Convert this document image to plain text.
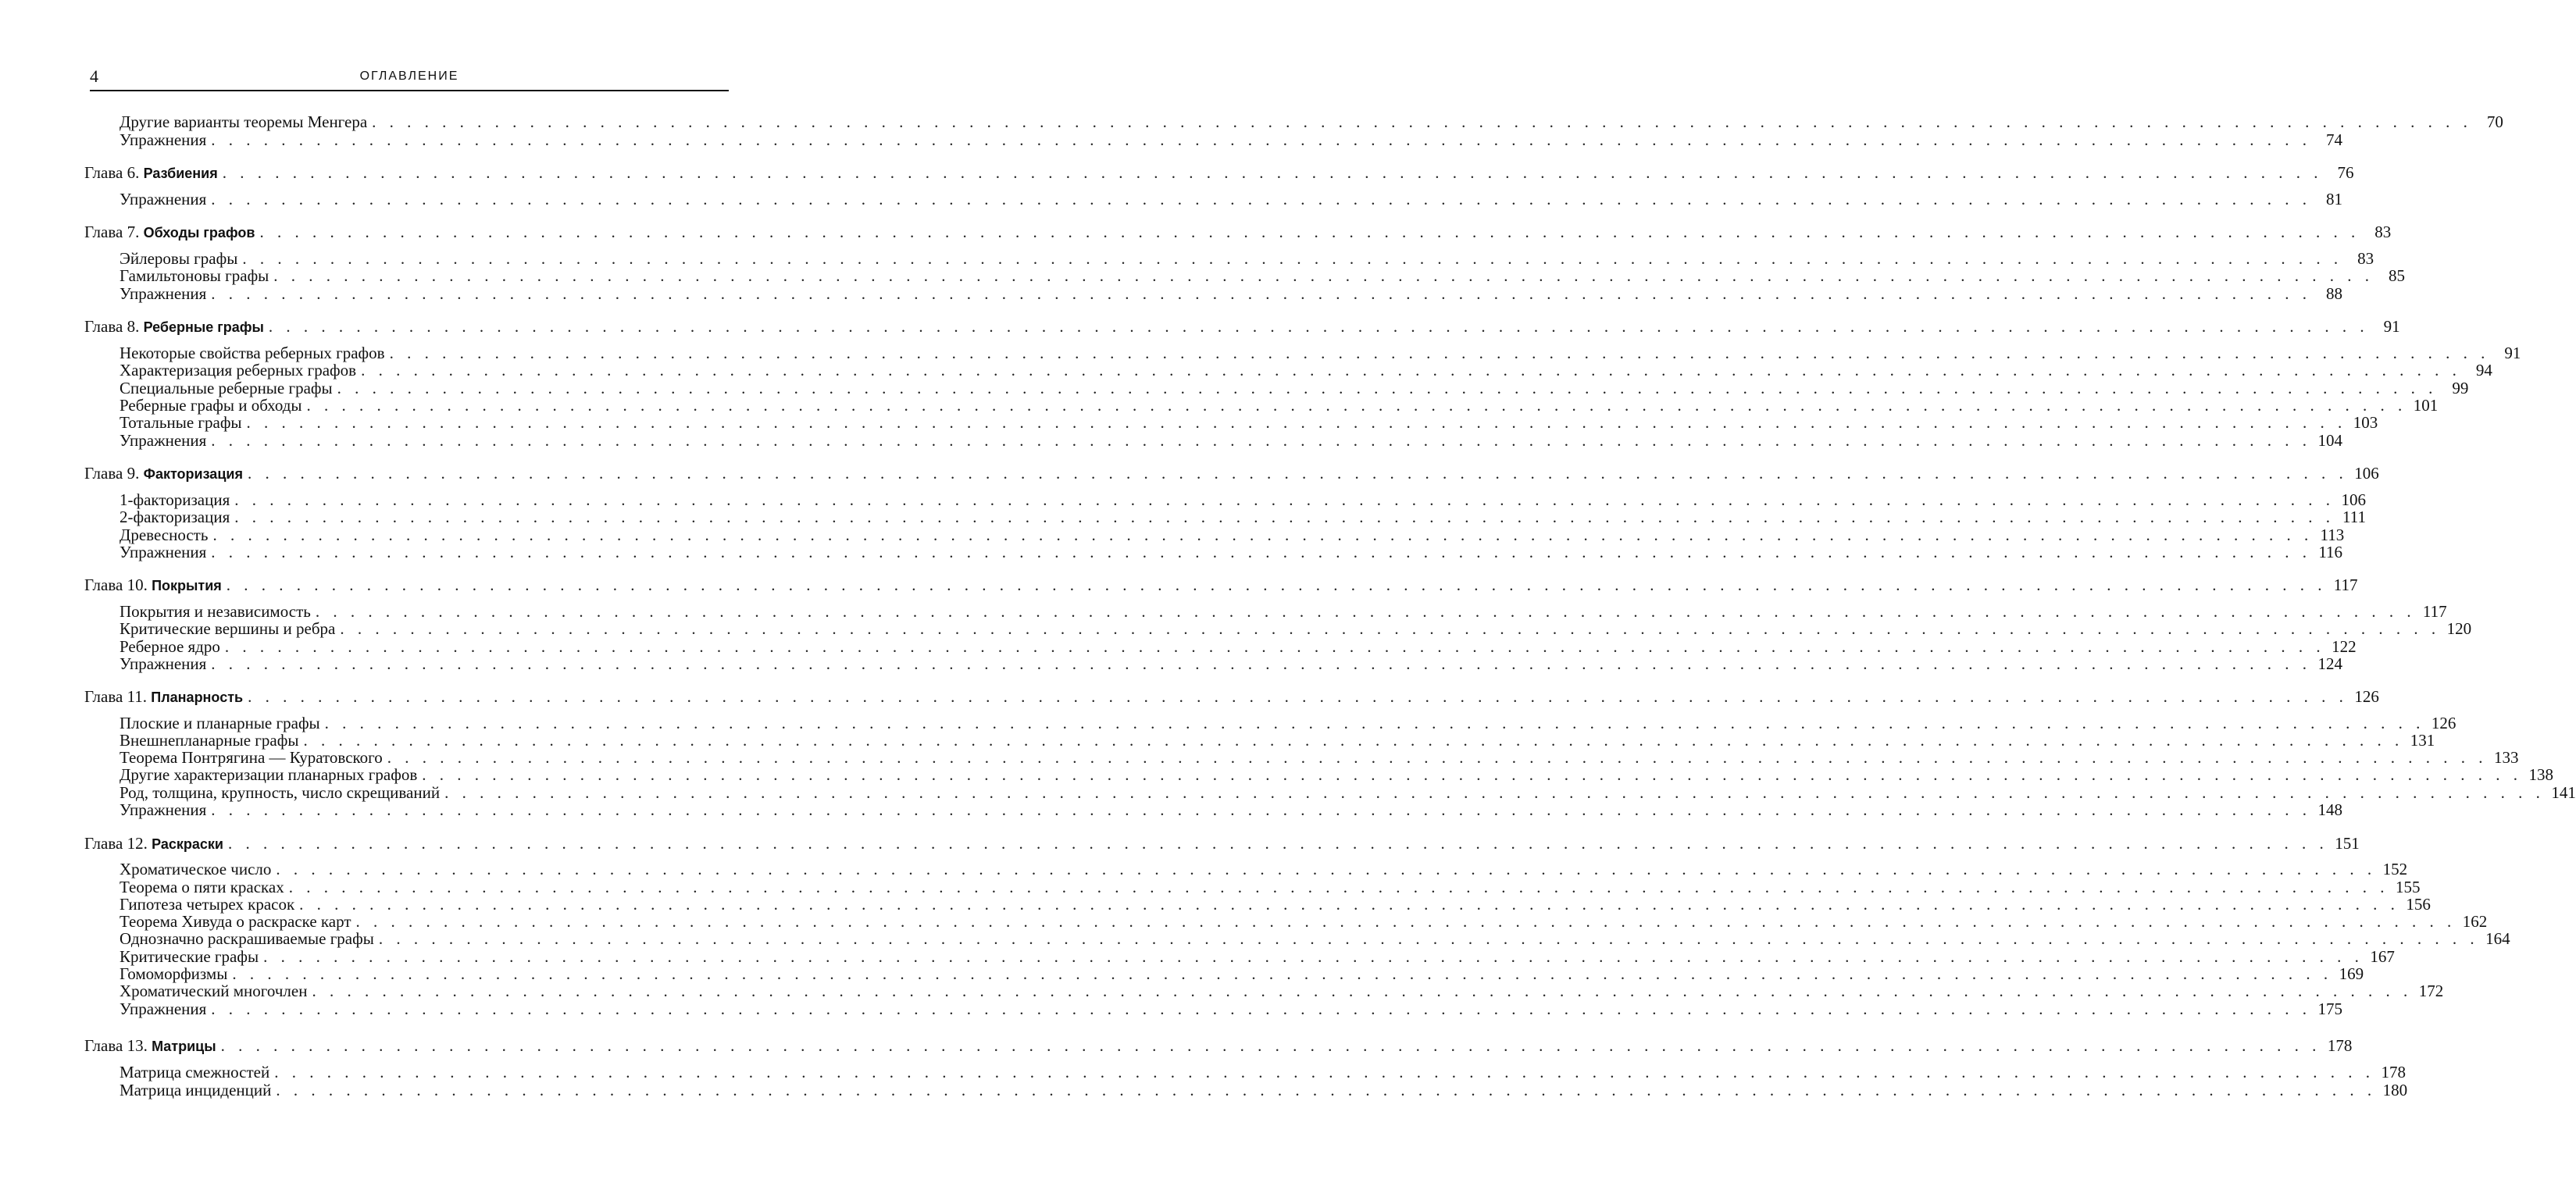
4	ОГЛАВЛЕНИЕ
Другие варианты теоремы Менгера . . . . . . . . . . . . . . . . . . . . . . . . . . . . . . . . . . . . . . . . . . . . . . . . . . . . . . . . . . . . . . . . . . . . . . . . . . . . . . . . . . . . . . . . . . . . . . . . . . . . . . . . . . . . . . . . . . . . . . . . 70
Упражнения . . . . . . . . . . . . . . . . . . . . . . . . . . . . . . . . . . . . . . . . . . . . . . . . . . . . . . . . . . . . . . . . . . . . . . . . . . . . . . . . . . . . . . . . . . . . . . . . . . . . . . . . . . . . . . . . . . . . . . . . 74
Глава 6. Разбиения . . . . . . . . . . . . . . . . . . . . . . . . . . . . . . . . . . . . . . . . . . . . . . . . . . . . . . . . . . . . . . . . . . . . . . . . . . . . . . . . . . . . . . . . . . . . . . . . . . . . . . . . . . . . . . . . . . . . . . . . 76
Упражнения . . . . . . . . . . . . . . . . . . . . . . . . . . . . . . . . . . . . . . . . . . . . . . . . . . . . . . . . . . . . . . . . . . . . . . . . . . . . . . . . . . . . . . . . . . . . . . . . . . . . . . . . . . . . . . . . . . . . . . . . 81
Глава 7. Обходы графов . . . . . . . . . . . . . . . . . . . . . . . . . . . . . . . . . . . . . . . . . . . . . . . . . . . . . . . . . . . . . . . . . . . . . . . . . . . . . . . . . . . . . . . . . . . . . . . . . . . . . . . . . . . . . . . . . . . . . . . . 83
Эйлеровы графы . . . . . . . . . . . . . . . . . . . . . . . . . . . . . . . . . . . . . . . . . . . . . . . . . . . . . . . . . . . . . . . . . . . . . . . . . . . . . . . . . . . . . . . . . . . . . . . . . . . . . . . . . . . . . . . . . . . . . . . . 83
Гамильтоновы графы . . . . . . . . . . . . . . . . . . . . . . . . . . . . . . . . . . . . . . . . . . . . . . . . . . . . . . . . . . . . . . . . . . . . . . . . . . . . . . . . . . . . . . . . . . . . . . . . . . . . . . . . . . . . . . . . . . . . . . . . 85
Упражнения . . . . . . . . . . . . . . . . . . . . . . . . . . . . . . . . . . . . . . . . . . . . . . . . . . . . . . . . . . . . . . . . . . . . . . . . . . . . . . . . . . . . . . . . . . . . . . . . . . . . . . . . . . . . . . . . . . . . . . . . 88
Глава 8. Реберные графы . . . . . . . . . . . . . . . . . . . . . . . . . . . . . . . . . . . . . . . . . . . . . . . . . . . . . . . . . . . . . . . . . . . . . . . . . . . . . . . . . . . . . . . . . . . . . . . . . . . . . . . . . . . . . . . . . . . . . . . . 91
Некоторые свойства реберных графов . . . . . . . . . . . . . . . . . . . . . . . . . . . . . . . . . . . . . . . . . . . . . . . . . . . . . . . . . . . . . . . . . . . . . . . . . . . . . . . . . . . . . . . . . . . . . . . . . . . . . . . . . . . . . . . . . . . . . . . . 91
Характеризация реберных графов . . . . . . . . . . . . . . . . . . . . . . . . . . . . . . . . . . . . . . . . . . . . . . . . . . . . . . . . . . . . . . . . . . . . . . . . . . . . . . . . . . . . . . . . . . . . . . . . . . . . . . . . . . . . . . . . . . . . . . . . 94
Специальные реберные графы . . . . . . . . . . . . . . . . . . . . . . . . . . . . . . . . . . . . . . . . . . . . . . . . . . . . . . . . . . . . . . . . . . . . . . . . . . . . . . . . . . . . . . . . . . . . . . . . . . . . . . . . . . . . . . . . . . . . . . . . 99
Реберные графы и обходы . . . . . . . . . . . . . . . . . . . . . . . . . . . . . . . . . . . . . . . . . . . . . . . . . . . . . . . . . . . . . . . . . . . . . . . . . . . . . . . . . . . . . . . . . . . . . . . . . . . . . . . . . . . . . . . . . . . . . . . . 101
Тотальные графы . . . . . . . . . . . . . . . . . . . . . . . . . . . . . . . . . . . . . . . . . . . . . . . . . . . . . . . . . . . . . . . . . . . . . . . . . . . . . . . . . . . . . . . . . . . . . . . . . . . . . . . . . . . . . . . . . . . . . . . . 103
Упражнения . . . . . . . . . . . . . . . . . . . . . . . . . . . . . . . . . . . . . . . . . . . . . . . . . . . . . . . . . . . . . . . . . . . . . . . . . . . . . . . . . . . . . . . . . . . . . . . . . . . . . . . . . . . . . . . . . . . . . . . . 104
Глава 9. Факторизация . . . . . . . . . . . . . . . . . . . . . . . . . . . . . . . . . . . . . . . . . . . . . . . . . . . . . . . . . . . . . . . . . . . . . . . . . . . . . . . . . . . . . . . . . . . . . . . . . . . . . . . . . . . . . . . . . . . . . . . . 106
1-факторизация . . . . . . . . . . . . . . . . . . . . . . . . . . . . . . . . . . . . . . . . . . . . . . . . . . . . . . . . . . . . . . . . . . . . . . . . . . . . . . . . . . . . . . . . . . . . . . . . . . . . . . . . . . . . . . . . . . . . . . . . 106
2-факторизация . . . . . . . . . . . . . . . . . . . . . . . . . . . . . . . . . . . . . . . . . . . . . . . . . . . . . . . . . . . . . . . . . . . . . . . . . . . . . . . . . . . . . . . . . . . . . . . . . . . . . . . . . . . . . . . . . . . . . . . . 111
Древесность . . . . . . . . . . . . . . . . . . . . . . . . . . . . . . . . . . . . . . . . . . . . . . . . . . . . . . . . . . . . . . . . . . . . . . . . . . . . . . . . . . . . . . . . . . . . . . . . . . . . . . . . . . . . . . . . . . . . . . . . 113
Упражнения . . . . . . . . . . . . . . . . . . . . . . . . . . . . . . . . . . . . . . . . . . . . . . . . . . . . . . . . . . . . . . . . . . . . . . . . . . . . . . . . . . . . . . . . . . . . . . . . . . . . . . . . . . . . . . . . . . . . . . . . 116
Глава 10. Покрытия . . . . . . . . . . . . . . . . . . . . . . . . . . . . . . . . . . . . . . . . . . . . . . . . . . . . . . . . . . . . . . . . . . . . . . . . . . . . . . . . . . . . . . . . . . . . . . . . . . . . . . . . . . . . . . . . . . . . . . . . 117
Покрытия и независимость . . . . . . . . . . . . . . . . . . . . . . . . . . . . . . . . . . . . . . . . . . . . . . . . . . . . . . . . . . . . . . . . . . . . . . . . . . . . . . . . . . . . . . . . . . . . . . . . . . . . . . . . . . . . . . . . . . . . . . . . 117
Критические вершины и ребра . . . . . . . . . . . . . . . . . . . . . . . . . . . . . . . . . . . . . . . . . . . . . . . . . . . . . . . . . . . . . . . . . . . . . . . . . . . . . . . . . . . . . . . . . . . . . . . . . . . . . . . . . . . . . . . . . . . . . . . . 120
Реберное ядро . . . . . . . . . . . . . . . . . . . . . . . . . . . . . . . . . . . . . . . . . . . . . . . . . . . . . . . . . . . . . . . . . . . . . . . . . . . . . . . . . . . . . . . . . . . . . . . . . . . . . . . . . . . . . . . . . . . . . . . . 122
Упражнения . . . . . . . . . . . . . . . . . . . . . . . . . . . . . . . . . . . . . . . . . . . . . . . . . . . . . . . . . . . . . . . . . . . . . . . . . . . . . . . . . . . . . . . . . . . . . . . . . . . . . . . . . . . . . . . . . . . . . . . . 124
Глава 11. Планарность . . . . . . . . . . . . . . . . . . . . . . . . . . . . . . . . . . . . . . . . . . . . . . . . . . . . . . . . . . . . . . . . . . . . . . . . . . . . . . . . . . . . . . . . . . . . . . . . . . . . . . . . . . . . . . . . . . . . . . . . 126
Плоские и планарные графы . . . . . . . . . . . . . . . . . . . . . . . . . . . . . . . . . . . . . . . . . . . . . . . . . . . . . . . . . . . . . . . . . . . . . . . . . . . . . . . . . . . . . . . . . . . . . . . . . . . . . . . . . . . . . . . . . . . . . . . . 126
Внешнепланарные графы . . . . . . . . . . . . . . . . . . . . . . . . . . . . . . . . . . . . . . . . . . . . . . . . . . . . . . . . . . . . . . . . . . . . . . . . . . . . . . . . . . . . . . . . . . . . . . . . . . . . . . . . . . . . . . . . . . . . . . . . 131
Теорема Понтрягина — Куратовского . . . . . . . . . . . . . . . . . . . . . . . . . . . . . . . . . . . . . . . . . . . . . . . . . . . . . . . . . . . . . . . . . . . . . . . . . . . . . . . . . . . . . . . . . . . . . . . . . . . . . . . . . . . . . . . . . . . . . . . . 133
Другие характеризации планарных графов . . . . . . . . . . . . . . . . . . . . . . . . . . . . . . . . . . . . . . . . . . . . . . . . . . . . . . . . . . . . . . . . . . . . . . . . . . . . . . . . . . . . . . . . . . . . . . . . . . . . . . . . . . . . . . . . . . . . . . . . 138
Род, толщина, крупность, число скрещиваний . . . . . . . . . . . . . . . . . . . . . . . . . . . . . . . . . . . . . . . . . . . . . . . . . . . . . . . . . . . . . . . . . . . . . . . . . . . . . . . . . . . . . . . . . . . . . . . . . . . . . . . . . . . . . . . . . . . . . . . . 141
Упражнения . . . . . . . . . . . . . . . . . . . . . . . . . . . . . . . . . . . . . . . . . . . . . . . . . . . . . . . . . . . . . . . . . . . . . . . . . . . . . . . . . . . . . . . . . . . . . . . . . . . . . . . . . . . . . . . . . . . . . . . . 148
Глава 12. Раскраски . . . . . . . . . . . . . . . . . . . . . . . . . . . . . . . . . . . . . . . . . . . . . . . . . . . . . . . . . . . . . . . . . . . . . . . . . . . . . . . . . . . . . . . . . . . . . . . . . . . . . . . . . . . . . . . . . . . . . . . . 151
Хроматическое число . . . . . . . . . . . . . . . . . . . . . . . . . . . . . . . . . . . . . . . . . . . . . . . . . . . . . . . . . . . . . . . . . . . . . . . . . . . . . . . . . . . . . . . . . . . . . . . . . . . . . . . . . . . . . . . . . . . . . . . . 152
Теорема о пяти красках . . . . . . . . . . . . . . . . . . . . . . . . . . . . . . . . . . . . . . . . . . . . . . . . . . . . . . . . . . . . . . . . . . . . . . . . . . . . . . . . . . . . . . . . . . . . . . . . . . . . . . . . . . . . . . . . . . . . . . . . 155
Гипотеза четырех красок . . . . . . . . . . . . . . . . . . . . . . . . . . . . . . . . . . . . . . . . . . . . . . . . . . . . . . . . . . . . . . . . . . . . . . . . . . . . . . . . . . . . . . . . . . . . . . . . . . . . . . . . . . . . . . . . . . . . . . . . 156
Теорема Хивуда о раскраске карт . . . . . . . . . . . . . . . . . . . . . . . . . . . . . . . . . . . . . . . . . . . . . . . . . . . . . . . . . . . . . . . . . . . . . . . . . . . . . . . . . . . . . . . . . . . . . . . . . . . . . . . . . . . . . . . . . . . . . . . . 162
Однозначно раскрашиваемые графы . . . . . . . . . . . . . . . . . . . . . . . . . . . . . . . . . . . . . . . . . . . . . . . . . . . . . . . . . . . . . . . . . . . . . . . . . . . . . . . . . . . . . . . . . . . . . . . . . . . . . . . . . . . . . . . . . . . . . . . . 164
Критические графы . . . . . . . . . . . . . . . . . . . . . . . . . . . . . . . . . . . . . . . . . . . . . . . . . . . . . . . . . . . . . . . . . . . . . . . . . . . . . . . . . . . . . . . . . . . . . . . . . . . . . . . . . . . . . . . . . . . . . . . . 167
Гомоморфизмы . . . . . . . . . . . . . . . . . . . . . . . . . . . . . . . . . . . . . . . . . . . . . . . . . . . . . . . . . . . . . . . . . . . . . . . . . . . . . . . . . . . . . . . . . . . . . . . . . . . . . . . . . . . . . . . . . . . . . . . . 169
Хроматический многочлен . . . . . . . . . . . . . . . . . . . . . . . . . . . . . . . . . . . . . . . . . . . . . . . . . . . . . . . . . . . . . . . . . . . . . . . . . . . . . . . . . . . . . . . . . . . . . . . . . . . . . . . . . . . . . . . . . . . . . . . . 172
Упражнения . . . . . . . . . . . . . . . . . . . . . . . . . . . . . . . . . . . . . . . . . . . . . . . . . . . . . . . . . . . . . . . . . . . . . . . . . . . . . . . . . . . . . . . . . . . . . . . . . . . . . . . . . . . . . . . . . . . . . . . . 175
Глава 13. Матрицы . . . . . . . . . . . . . . . . . . . . . . . . . . . . . . . . . . . . . . . . . . . . . . . . . . . . . . . . . . . . . . . . . . . . . . . . . . . . . . . . . . . . . . . . . . . . . . . . . . . . . . . . . . . . . . . . . . . . . . . . 178
Матрица смежностей . . . . . . . . . . . . . . . . . . . . . . . . . . . . . . . . . . . . . . . . . . . . . . . . . . . . . . . . . . . . . . . . . . . . . . . . . . . . . . . . . . . . . . . . . . . . . . . . . . . . . . . . . . . . . . . . . . . . . . . . 178
Матрица инциденций . . . . . . . . . . . . . . . . . . . . . . . . . . . . . . . . . . . . . . . . . . . . . . . . . . . . . . . . . . . . . . . . . . . . . . . . . . . . . . . . . . . . . . . . . . . . . . . . . . . . . . . . . . . . . . . . . . . . . . . . 180
